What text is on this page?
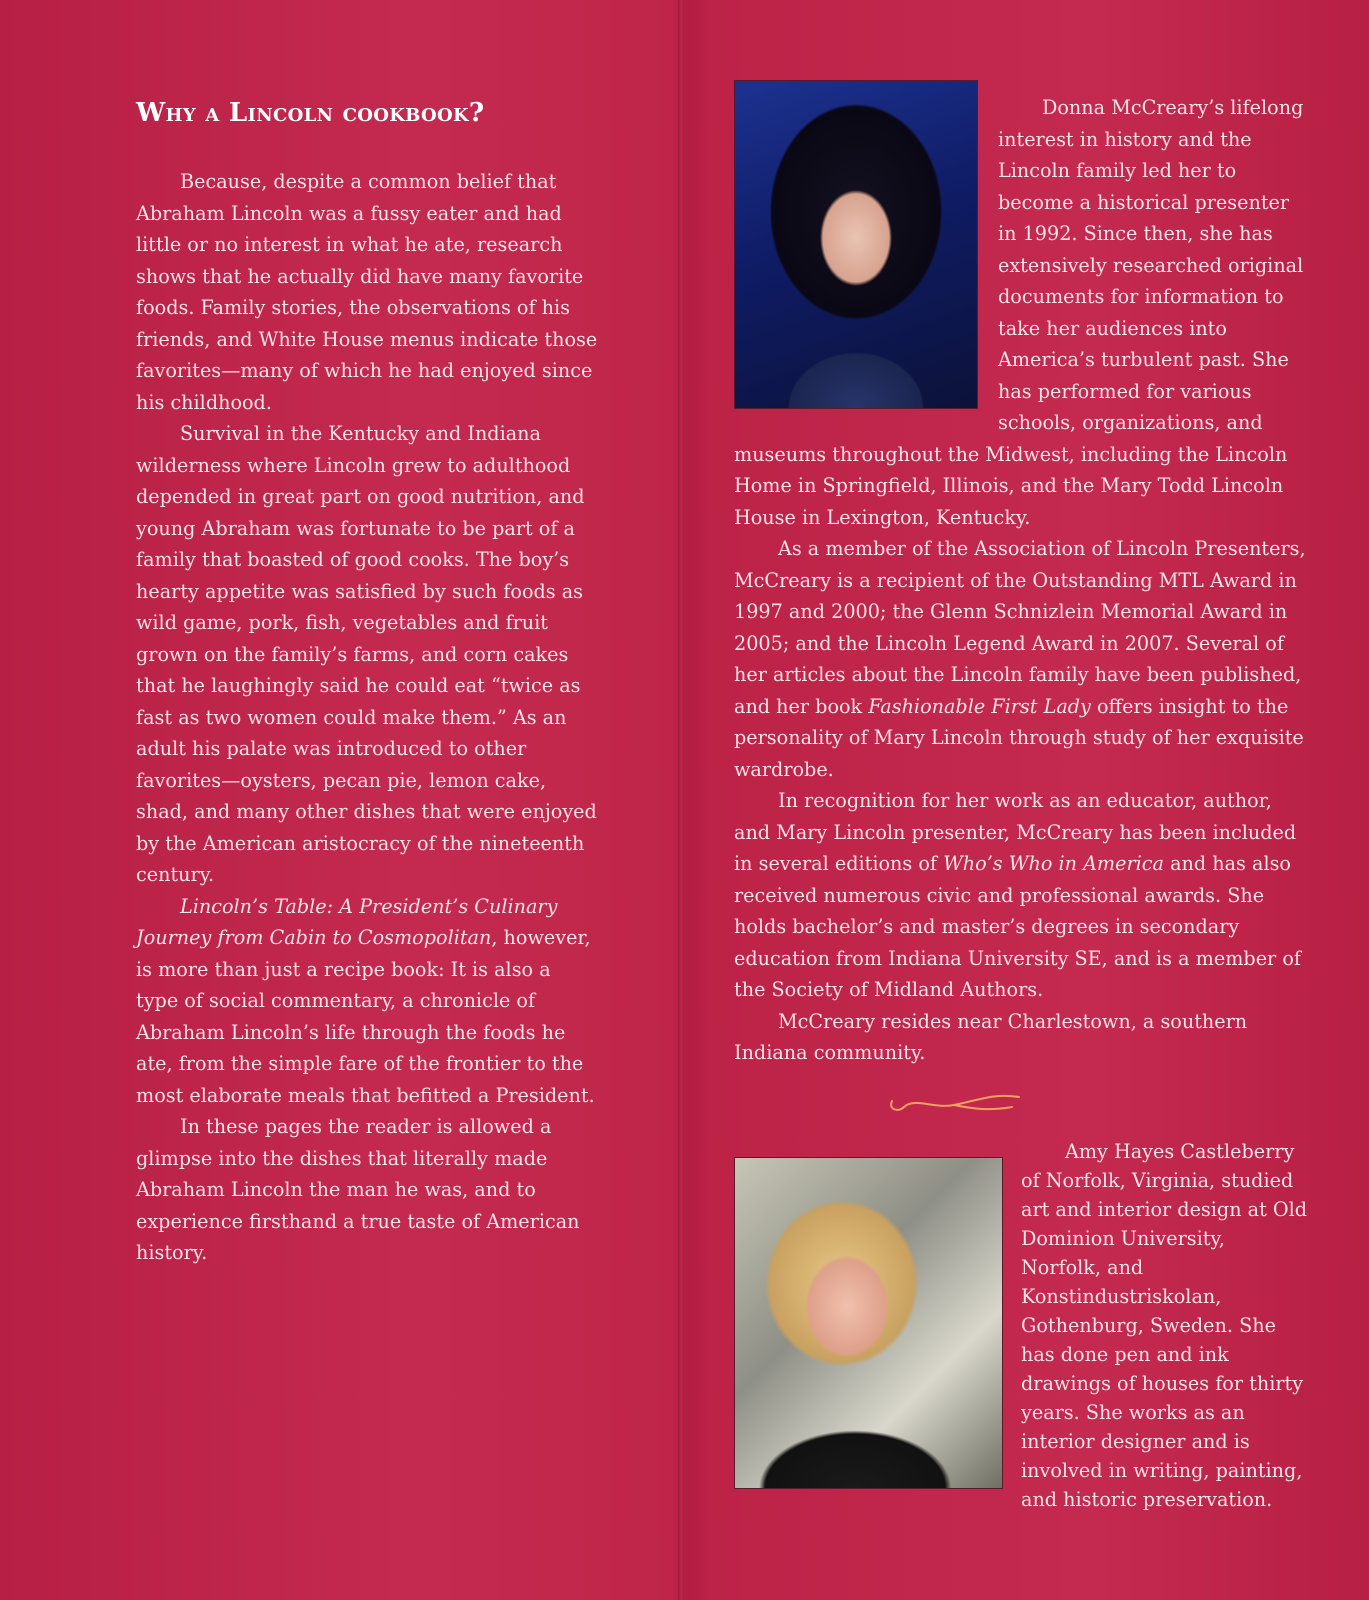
Why a Lincoln cookbook?

Because, despite a common belief that Abraham Lincoln was a fussy eater and had little or no interest in what he ate, research shows that he actually did have many favorite foods. Family stories, the observations of his friends, and White House menus indicate those favorites—many of which he had enjoyed since his childhood.

Survival in the Kentucky and Indiana wilderness where Lincoln grew to adulthood depended in great part on good nutrition, and young Abraham was fortunate to be part of a family that boasted of good cooks. The boy’s hearty appetite was satisfied by such foods as wild game, pork, fish, vegetables and fruit grown on the family’s farms, and corn cakes that he laughingly said he could eat “twice as fast as two women could make them.” As an adult his palate was introduced to other favorites—oysters, pecan pie, lemon cake, shad, and many other dishes that were enjoyed by the American aristocracy of the nineteenth century.

Lincoln’s Table: A President’s Culinary Journey from Cabin to Cosmopolitan, however, is more than just a recipe book: It is also a type of social commentary, a chronicle of Abraham Lincoln’s life through the foods he ate, from the simple fare of the frontier to the most elaborate meals that befitted a President.

In these pages the reader is allowed a glimpse into the dishes that literally made Abraham Lincoln the man he was, and to experience firsthand a true taste of American history.

Donna McCreary’s lifelong interest in history and the Lincoln family led her to become a historical presenter in 1992. Since then, she has extensively researched original documents for information to take her audiences into America’s turbulent past. She has performed for various schools, organizations, and museums throughout the Midwest, including the Lincoln Home in Springfield, Illinois, and the Mary Todd Lincoln House in Lexington, Kentucky.

As a member of the Association of Lincoln Presenters, McCreary is a recipient of the Outstanding MTL Award in 1997 and 2000; the Glenn Schnizlein Memorial Award in 2005; and the Lincoln Legend Award in 2007. Several of her articles about the Lincoln family have been published, and her book Fashionable First Lady offers insight to the personality of Mary Lincoln through study of her exquisite wardrobe.

In recognition for her work as an educator, author, and Mary Lincoln presenter, McCreary has been included in several editions of Who’s Who in America and has also received numerous civic and professional awards. She holds bachelor’s and master’s degrees in secondary education from Indiana University SE, and is a member of the Society of Midland Authors.

McCreary resides near Charlestown, a southern Indiana community.

Amy Hayes Castleberry of Norfolk, Virginia, studied art and interior design at Old Dominion University, Norfolk, and Konstindustriskolan, Gothenburg, Sweden. She has done pen and ink drawings of houses for thirty years. She works as an interior designer and is involved in writing, painting, and historic preservation.
